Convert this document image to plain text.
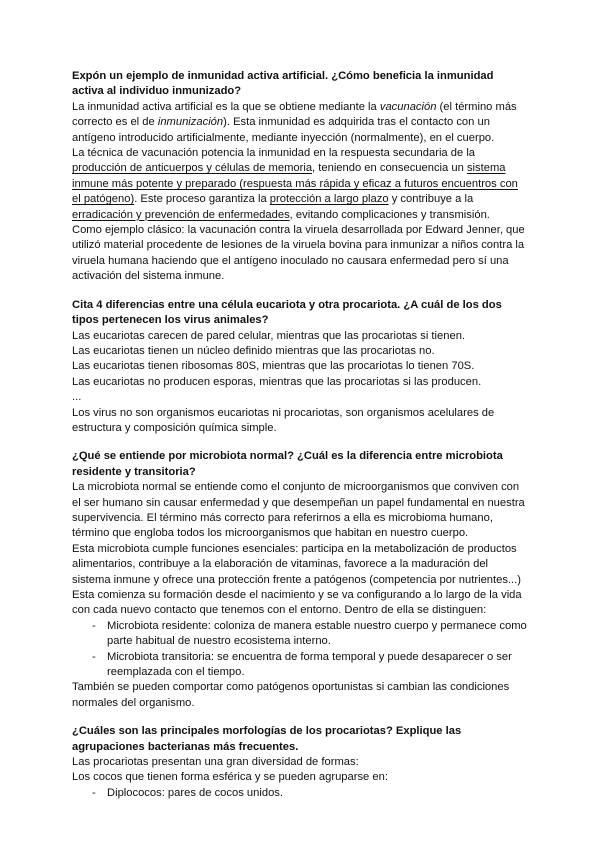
Expón un ejemplo de inmunidad activa artificial. ¿Cómo beneficia la inmunidad activa al individuo inmunizado?

La inmunidad activa artificial es la que se obtiene mediante la vacunación (el término más correcto es el de inmunización). Esta inmunidad es adquirida tras el contacto con un antígeno introducido artificialmente, mediante inyección (normalmente), en el cuerpo.

La técnica de vacunación potencia la inmunidad en la respuesta secundaria de la producción de anticuerpos y células de memoria, teniendo en consecuencia un sistema inmune más potente y preparado (respuesta más rápida y eficaz a futuros encuentros con el patógeno). Este proceso garantiza la protección a largo plazo y contribuye a la erradicación y prevención de enfermedades, evitando complicaciones y transmisión.

Como ejemplo clásico: la vacunación contra la viruela desarrollada por Edward Jenner, que utilizó material procedente de lesiones de la viruela bovina para inmunizar a niños contra la viruela humana haciendo que el antígeno inoculado no causara enfermedad pero sí una activación del sistema inmune.

Cita 4 diferencias entre una célula eucariota y otra procariota. ¿A cuál de los dos tipos pertenecen los virus animales?

Las eucariotas carecen de pared celular, mientras que las procariotas si tienen.

Las eucariotas tienen un núcleo definido mientras que las procariotas no.

Las eucariotas tienen ribosomas 80S, mientras que las procariotas lo tienen 70S.

Las eucariotas no producen esporas, mientras que las procariotas si las producen.

...

Los virus no son organismos eucariotas ni procariotas, son organismos acelulares de estructura y composición química simple.

¿Qué se entiende por microbiota normal? ¿Cuál es la diferencia entre microbiota residente y transitoria?

La microbiota normal se entiende como el conjunto de microorganismos que conviven con el ser humano sin causar enfermedad y que desempeñan un papel fundamental en nuestra supervivencia. El término más correcto para referirnos a ella es microbioma humano, término que engloba todos los microorganismos que habitan en nuestro cuerpo.

Esta microbiota cumple funciones esenciales: participa en la metabolización de productos alimentarios, contribuye a la elaboración de vitaminas, favorece a la maduración del sistema inmune y ofrece una protección frente a patógenos (competencia por nutrientes...)

Esta comienza su formación desde el nacimiento y se va configurando a lo largo de la vida con cada nuevo contacto que tenemos con el entorno. Dentro de ella se distinguen:

- Microbiota residente: coloniza de manera estable nuestro cuerpo y permanece como parte habitual de nuestro ecosistema interno.
- Microbiota transitoria: se encuentra de forma temporal y puede desaparecer o ser reemplazada con el tiempo.

También se pueden comportar como patógenos oportunistas si cambian las condiciones normales del organismo.

¿Cuáles son las principales morfologías de los procariotas? Explique las agrupaciones bacterianas más frecuentes.

Las procariotas presentan una gran diversidad de formas:

Los cocos que tienen forma esférica y se pueden agruparse en:

- Diplococos: pares de cocos unidos.
